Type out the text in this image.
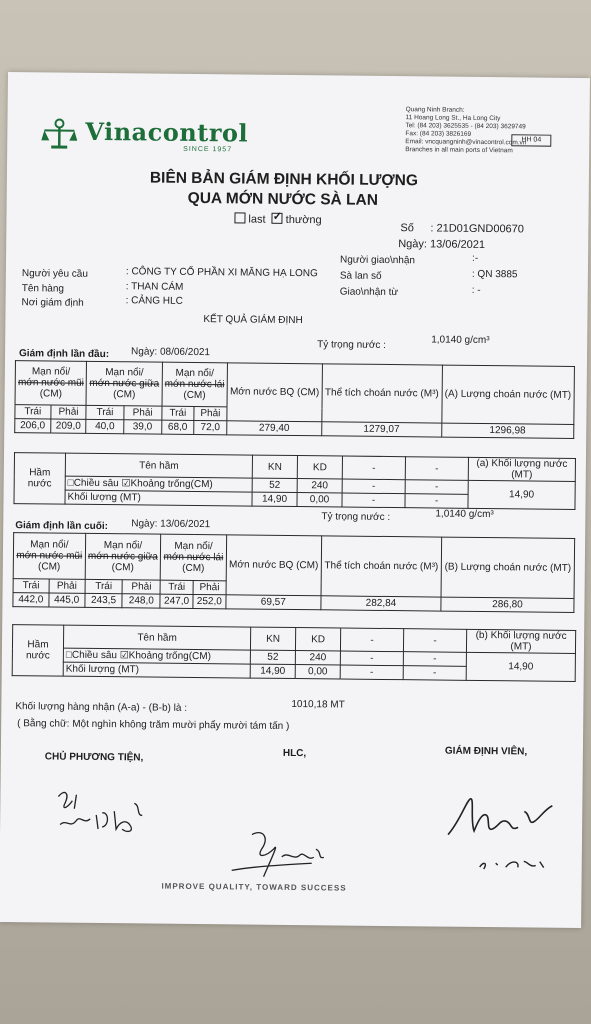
Vinacontrol
SINCE 1957
Quang Ninh Branch:
11 Hoang Long St., Ha Long City
Tel: (84 203) 3625535 - (84 203) 3629749
Fax: (84 203) 3826169
Email: vncquangninh@vinacontrol.com.vn
Branches in all main ports of Vietnam
HH 04
BIÊN BẢN GIÁM ĐỊNH KHỐI LƯỢNG
QUA MỚN NƯỚC SÀ LAN
last ✓ thường
Số : 21D01GND00670
Ngày: 13/06/2021
Người yêu cầu	: CÔNG TY CỔ PHẦN XI MĂNG HẠ LONG
Tên hàng	: THAN CÁM
Nơi giám định	: CẢNG HLC
Người giao\nhận	:-
Sà lan số	: QN 3885
Giao\nhận từ	: -
KẾT QUẢ GIÁM ĐỊNH
Giám định lần đầu: Ngày: 08/06/2021
Tỷ trọng nước :	1,0140 g/cm³
Mạn nổi/
mớn nước mũi
(CM)		Mạn nổi/
mớn nước giữa
(CM)		Mạn nổi/
mớn nước lái
(CM)		Mớn nước BQ (CM)	Thể tích choán nước (M³)	(A) Lượng choán nước (MT)
Trái	Phải	Trái	Phải	Trái	Phải			
206,0	209,0	40,0	39,0	68,0	72,0	279,40	1279,07	1296,98
Hầm nước	Tên hầm	KN	KD	-	-	(a) Khối lượng nước (MT)
	□Chiều sâu ☑Khoảng trống(CM)	52	240	-	-	14,90
	Khối lượng (MT)	14,90	0,00	-	-	
Giám định lần cuối: Ngày: 13/06/2021
Tỷ trọng nước :	1,0140 g/cm³
Mạn nổi/
mớn nước mũi
(CM)		Mạn nổi/
mớn nước giữa
(CM)		Mạn nổi/
mớn nước lái
(CM)		Mớn nước BQ (CM)	Thể tích choán nước (M³)	(B) Lượng choán nước (MT)
Trái	Phải	Trái	Phải	Trái	Phải			
442,0	445,0	243,5	248,0	247,0	252,0	69,57	282,84	286,80
Hầm nước	Tên hầm	KN	KD	-	-	(b) Khối lượng nước (MT)
	□Chiều sâu ☑Khoảng trống(CM)	52	240	-	-	14,90
	Khối lượng (MT)	14,90	0,00	-	-	
Khối lượng hàng nhận (A-a) - (B-b) là :	1010,18 MT
( Bằng chữ: Một nghìn không trăm mười phẩy mười tám tấn )
CHỦ PHƯƠNG TIỆN,	HLC,	GIÁM ĐỊNH VIÊN,
IMPROVE QUALITY, TOWARD SUCCESS
